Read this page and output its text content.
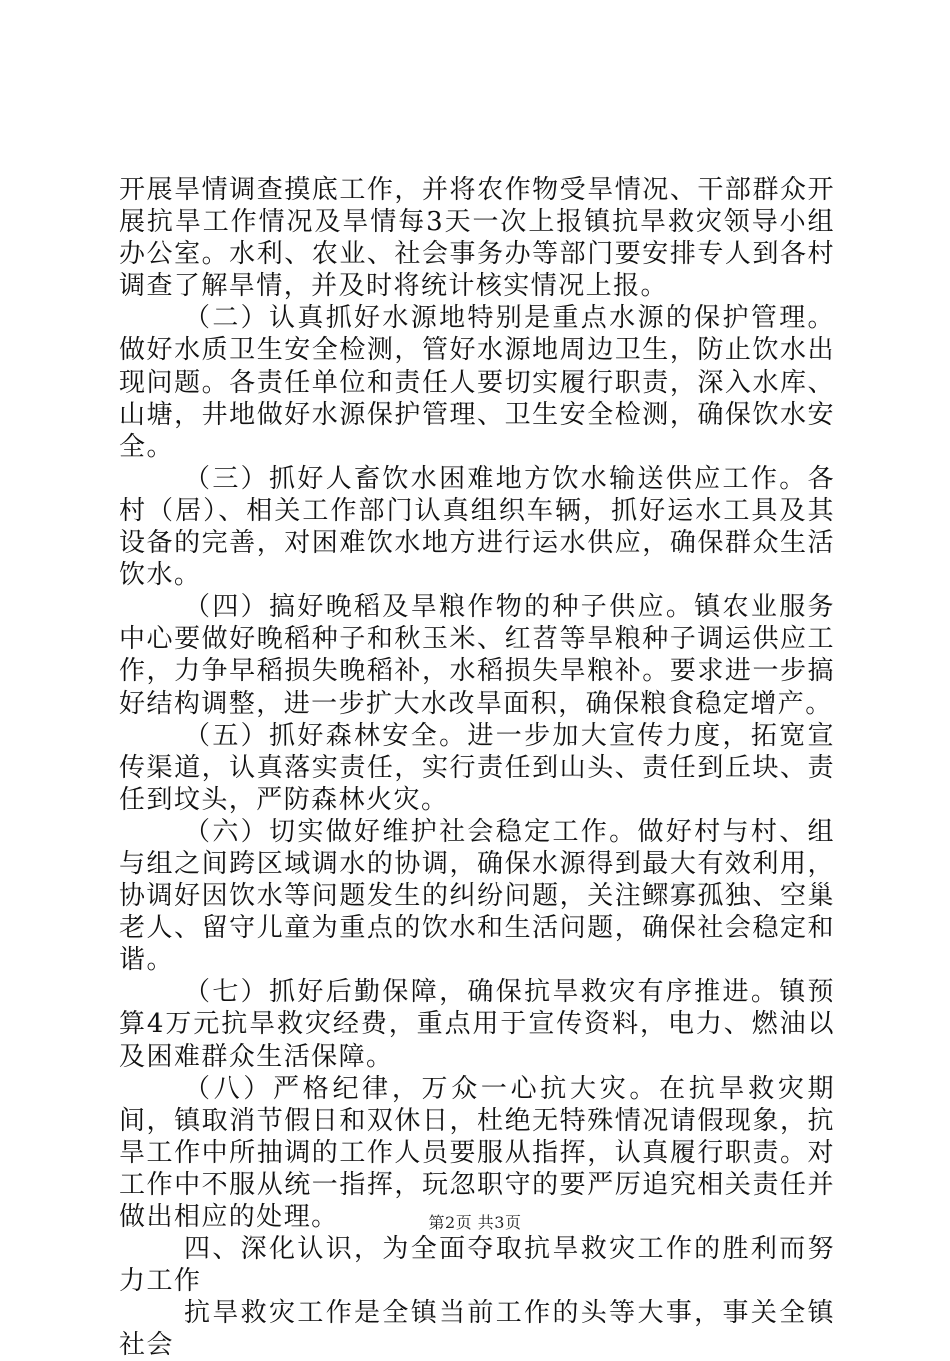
开展旱情调查摸底工作，并将农作物受旱情况、干部群众开展抗旱工作情况及旱情每3天一次上报镇抗旱救灾领导小组办公室。水利、农业、社会事务办等部门要安排专人到各村调查了解旱情，并及时将统计核实情况上报。

（二）认真抓好水源地特别是重点水源的保护管理。做好水质卫生安全检测，管好水源地周边卫生，防止饮水出现问题。各责任单位和责任人要切实履行职责，深入水库、山塘，井地做好水源保护管理、卫生安全检测，确保饮水安全。

（三）抓好人畜饮水困难地方饮水输送供应工作。各村（居）、相关工作部门认真组织车辆，抓好运水工具及其设备的完善，对困难饮水地方进行运水供应，确保群众生活饮水。

（四）搞好晚稻及旱粮作物的种子供应。镇农业服务中心要做好晚稻种子和秋玉米、红苕等旱粮种子调运供应工作，力争早稻损失晚稻补，水稻损失旱粮补。要求进一步搞好结构调整，进一步扩大水改旱面积，确保粮食稳定增产。

（五）抓好森林安全。进一步加大宣传力度，拓宽宣传渠道，认真落实责任，实行责任到山头、责任到丘块、责任到坟头，严防森林火灾。

（六）切实做好维护社会稳定工作。做好村与村、组与组之间跨区域调水的协调，确保水源得到最大有效利用，协调好因饮水等问题发生的纠纷问题，关注鳏寡孤独、空巢老人、留守儿童为重点的饮水和生活问题，确保社会稳定和谐。

（七）抓好后勤保障，确保抗旱救灾有序推进。镇预算4万元抗旱救灾经费，重点用于宣传资料，电力、燃油以及困难群众生活保障。

（八）严格纪律，万众一心抗大灾。在抗旱救灾期间，镇取消节假日和双休日，杜绝无特殊情况请假现象，抗旱工作中所抽调的工作人员要服从指挥，认真履行职责。对工作中不服从统一指挥，玩忽职守的要严厉追究相关责任并做出相应的处理。

四、深化认识，为全面夺取抗旱救灾工作的胜利而努力工作

抗旱救灾工作是全镇当前工作的头等大事，事关全镇社会

第2页 共3页
